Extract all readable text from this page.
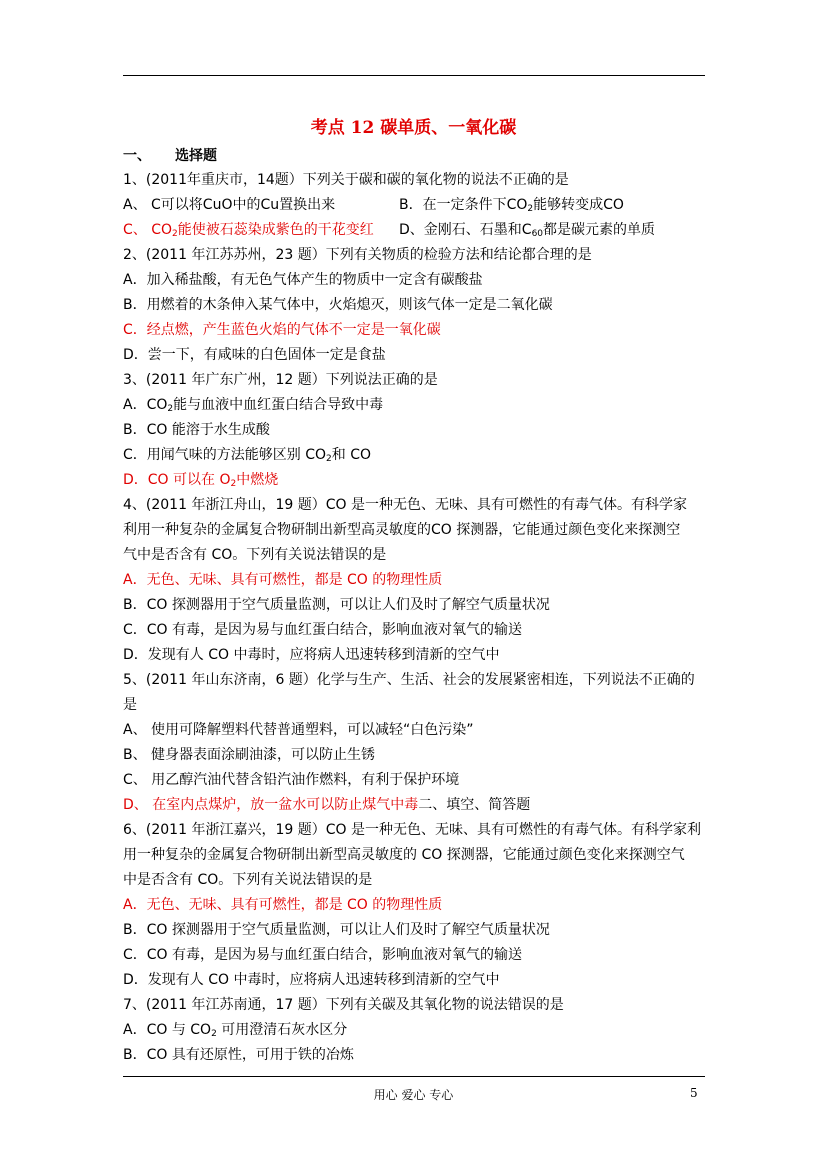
考点 12 碳单质、一氧化碳
一、 选择题
1、(2011年重庆市，14题）下列关于碳和碳的氧化物的说法不正确的是
A、 C可以将CuO中的Cu置换出来	B．在一定条件下$CO_2$能够转变成CO
C、 $CO_2$能使被石蕊染成紫色的干花变红 D、金刚石、石墨和$C_{60}$都是碳元素的单质
2、(2011 年江苏苏州，23 题）下列有关物质的检验方法和结论都合理的是
A．加入稀盐酸，有无色气体产生的物质中一定含有碳酸盐
B．用燃着的木条伸入某气体中，火焰熄灭，则该气体一定是二氧化碳
C．经点燃，产生蓝色火焰的气体不一定是一氧化碳
D．尝一下，有咸味的白色固体一定是食盐
3、(2011 年广东广州，12 题）下列说法正确的是
A．$CO_2$能与血液中血红蛋白结合导致中毒
B．CO 能溶于水生成酸
C．用闻气味的方法能够区别 $CO_2$和 CO
D．CO 可以在 $O_2$中燃烧
4、(2011 年浙江舟山，19 题）CO 是一种无色、无味、具有可燃性的有毒气体。有科学家
利用一种复杂的金属复合物研制出新型高灵敏度的CO 探测器，它能通过颜色变化来探测空
气中是否含有 CO。下列有关说法错误的是
A．无色、无味、具有可燃性，都是 CO 的物理性质
B．CO 探测器用于空气质量监测，可以让人们及时了解空气质量状况
C．CO 有毒，是因为易与血红蛋白结合，影响血液对氧气的输送
D．发现有人 CO 中毒时，应将病人迅速转移到清新的空气中
5、(2011 年山东济南，6 题）化学与生产、生活、社会的发展紧密相连，下列说法不正确的
是
A、 使用可降解塑料代替普通塑料，可以减轻“白色污染”
B、 健身器表面涂刷油漆，可以防止生锈
C、 用乙醇汽油代替含铅汽油作燃料，有利于保护环境
D、 在室内点煤炉，放一盆水可以防止煤气中毒二、填空、简答题
6、(2011 年浙江嘉兴，19 题）CO 是一种无色、无味、具有可燃性的有毒气体。有科学家利
用一种复杂的金属复合物研制出新型高灵敏度的 CO 探测器，它能通过颜色变化来探测空气
中是否含有 CO。下列有关说法错误的是
A．无色、无味、具有可燃性，都是 CO 的物理性质
B．CO 探测器用于空气质量监测，可以让人们及时了解空气质量状况
C．CO 有毒，是因为易与血红蛋白结合，影响血液对氧气的输送
D．发现有人 CO 中毒时，应将病人迅速转移到清新的空气中
7、(2011 年江苏南通，17 题）下列有关碳及其氧化物的说法错误的是
A．CO 与 $CO_2$ 可用澄清石灰水区分
B．CO 具有还原性，可用于铁的冶炼
用心 爱心 专心	5
